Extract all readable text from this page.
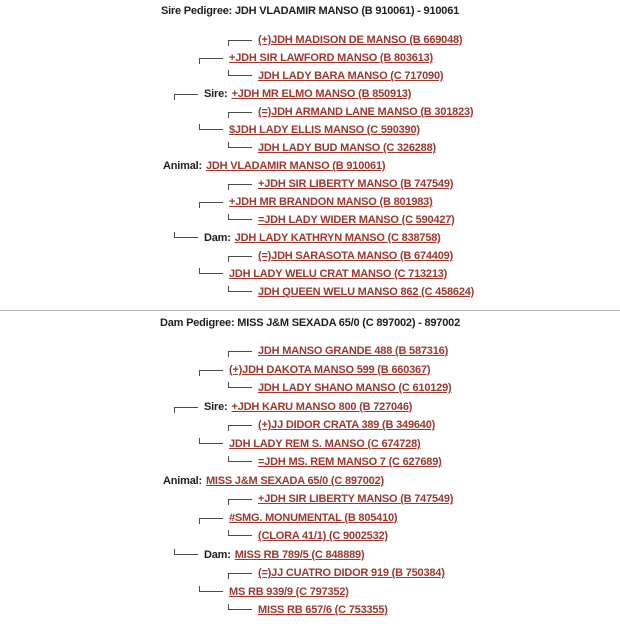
Sire Pedigree: JDH VLADAMIR MANSO (B 910061) - 910061
(+)JDH MADISON DE MANSO (B 669048)
+JDH SIR LAWFORD MANSO (B 803613)
JDH LADY BARA MANSO (C 717090)
Sire: +JDH MR ELMO MANSO (B 850913)
(=)JDH ARMAND LANE MANSO (B 301823)
$JDH LADY ELLIS MANSO (C 590390)
JDH LADY BUD MANSO (C 326288)
Animal: JDH VLADAMIR MANSO (B 910061)
+JDH SIR LIBERTY MANSO (B 747549)
+JDH MR BRANDON MANSO (B 801983)
=JDH LADY WIDER MANSO (C 590427)
Dam: JDH LADY KATHRYN MANSO (C 838758)
(=)JDH SARASOTA MANSO (B 674409)
JDH LADY WELU CRAT MANSO (C 713213)
JDH QUEEN WELU MANSO 862 (C 458624)
Dam Pedigree: MISS J&M SEXADA 65/0 (C 897002) - 897002
JDH MANSO GRANDE 488 (B 587316)
(+)JDH DAKOTA MANSO 599 (B 660367)
JDH LADY SHANO MANSO (C 610129)
Sire: +JDH KARU MANSO 800 (B 727046)
(+)JJ DIDOR CRATA 389 (B 349640)
JDH LADY REM S. MANSO (C 674728)
=JDH MS. REM MANSO 7 (C 627689)
Animal: MISS J&M SEXADA 65/0 (C 897002)
+JDH SIR LIBERTY MANSO (B 747549)
#SMG. MONUMENTAL (B 805410)
(CLORA 41/1) (C 9002532)
Dam: MISS RB 789/5 (C 848889)
(=)JJ CUATRO DIDOR 919 (B 750384)
MS RB 939/9 (C 797352)
MISS RB 657/6 (C 753355)
